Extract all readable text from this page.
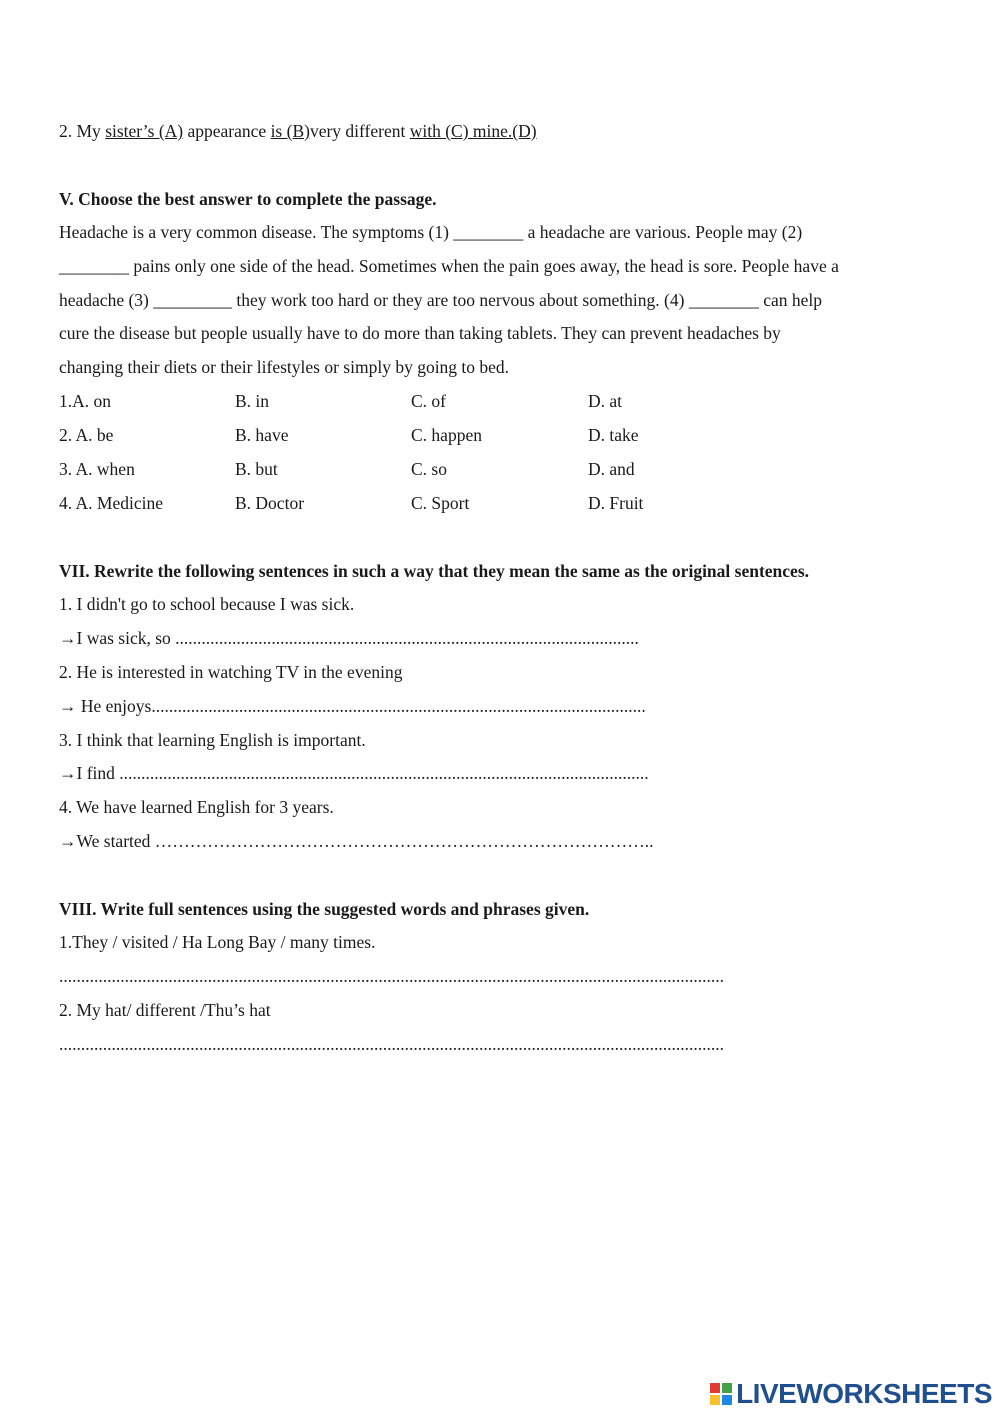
2. My sister’s (A) appearance is (B)very different with (C) mine.(D)
V. Choose the best answer to complete the passage.
Headache is a very common disease. The symptoms (1) ________ a headache are various. People may (2)
________ pains only one side of the head. Sometimes when the pain goes away, the head is sore. People have a
headache (3) _________ they work too hard or they are too nervous about something. (4) ________ can help
cure the disease but people usually have to do more than taking tablets. They can prevent headaches by
changing their diets or their lifestyles or simply by going to bed.
1.A. on	B. in	C. of	D. at
2. A. be	B. have	C. happen	D. take
3. A. when	B. but	C. so	D. and
4. A. Medicine	B. Doctor	C. Sport	D. Fruit
VII. Rewrite the following sentences in such a way that they mean the same as the original sentences.
1. I didn't go to school because I was sick.
→I was sick, so ..........................................................................................................
2. He is interested in watching TV in the evening
→ He enjoys.................................................................................................................
3. I think that learning English is important.
→I find .........................................................................................................................
4. We have learned English for 3 years.
→We started …………………………………………………………………………..
VIII. Write full sentences using the suggested words and phrases given.
1.They / visited / Ha Long Bay / many times.
........................................................................................................................................................
2. My hat/ different /Thu’s hat
........................................................................................................................................................
LIVEWORKSHEETS
